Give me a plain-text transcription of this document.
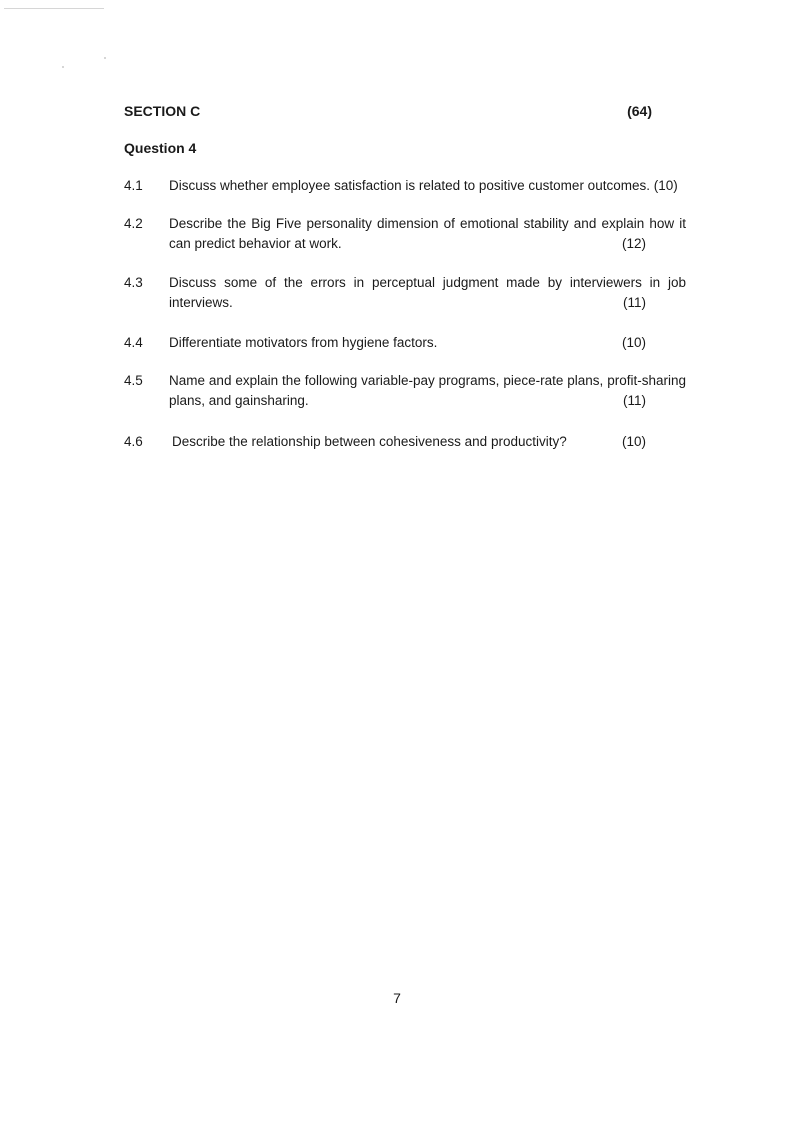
SECTION C	(64)
Question 4
4.1 Discuss whether employee satisfaction is related to positive customer outcomes. (10)
4.2 Describe the Big Five personality dimension of emotional stability and explain how it can predict behavior at work.	(12)
4.3 Discuss some of the errors in perceptual judgment made by interviewers in job interviews.	(11)
4.4 Differentiate motivators from hygiene factors.	(10)
4.5 Name and explain the following variable-pay programs, piece-rate plans, profit-sharing plans, and gainsharing.	(11)
4.6 Describe the relationship between cohesiveness and productivity?	(10)
7
